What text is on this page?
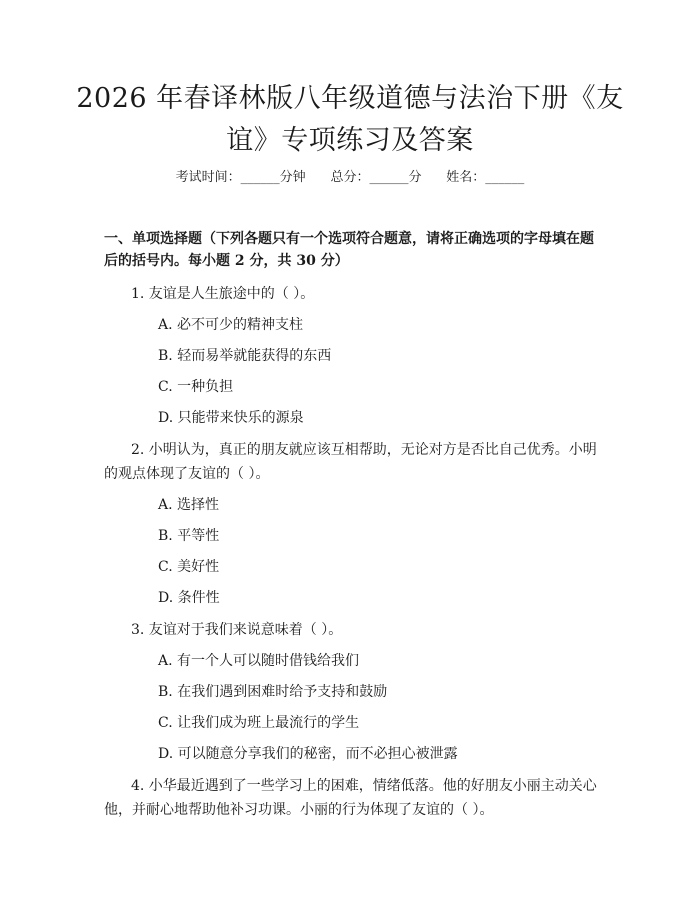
2026 年春译林版八年级道德与法治下册《友
谊》专项练习及答案
考试时间：______分钟 总分：______分 姓名：______
一、单项选择题（下列各题只有一个选项符合题意，请将正确选项的字母填在题后的括号内。每小题 2 分，共 30 分）
1. 友谊是人生旅途中的（ ）。
A. 必不可少的精神支柱
B. 轻而易举就能获得的东西
C. 一种负担
D. 只能带来快乐的源泉
2. 小明认为，真正的朋友就应该互相帮助，无论对方是否比自己优秀。小明的观点体现了友谊的（ ）。
A. 选择性
B. 平等性
C. 美好性
D. 条件性
3. 友谊对于我们来说意味着（ ）。
A. 有一个人可以随时借钱给我们
B. 在我们遇到困难时给予支持和鼓励
C. 让我们成为班上最流行的学生
D. 可以随意分享我们的秘密，而不必担心被泄露
4. 小华最近遇到了一些学习上的困难，情绪低落。他的好朋友小丽主动关心他，并耐心地帮助他补习功课。小丽的行为体现了友谊的（ ）。
